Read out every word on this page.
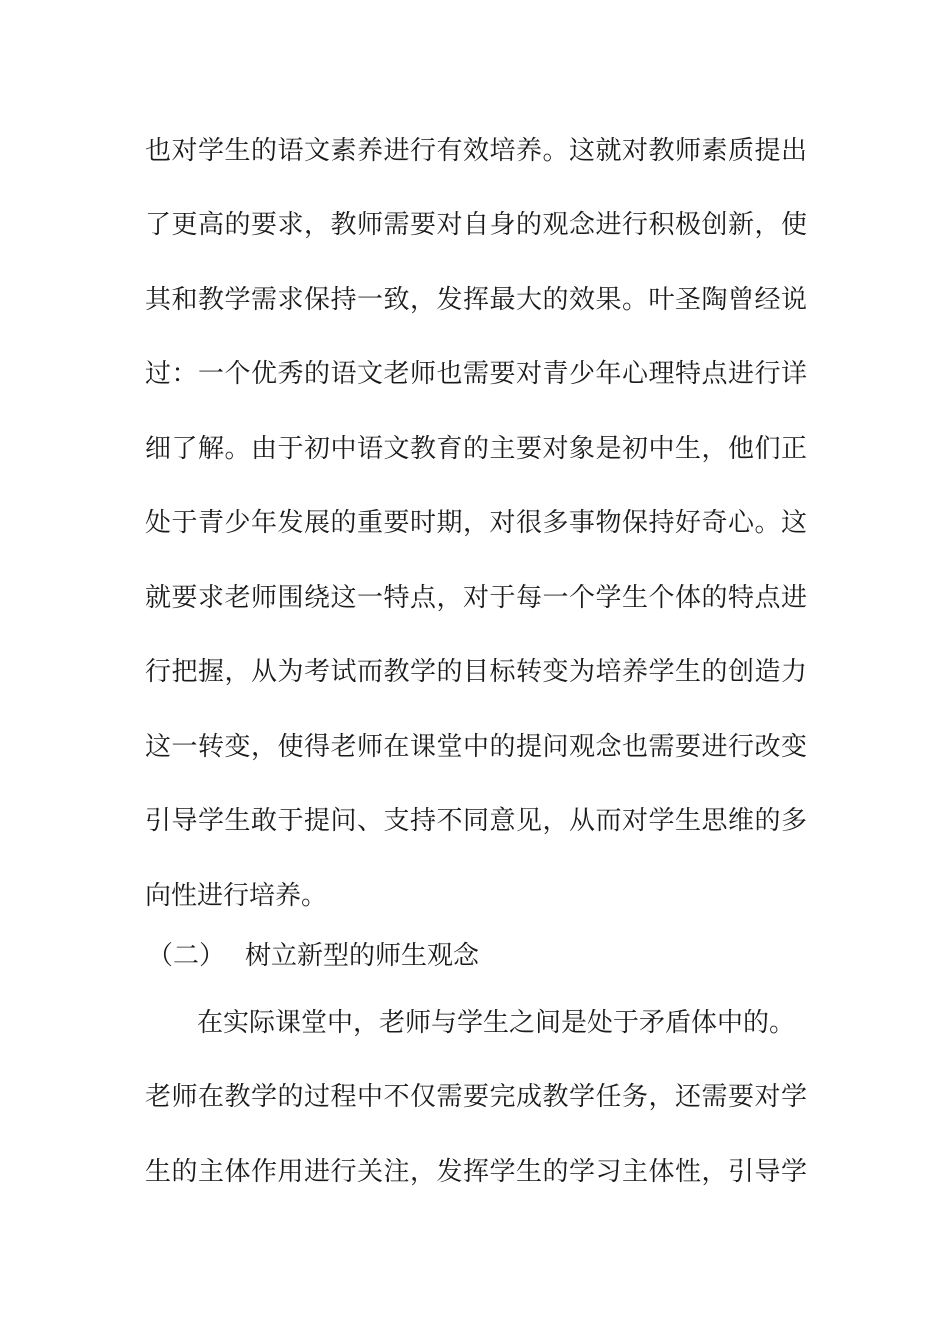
也对学生的语文素养进行有效培养。这就对教师素质提出
了更高的要求，教师需要对自身的观念进行积极创新，使
其和教学需求保持一致，发挥最大的效果。叶圣陶曾经说
过：一个优秀的语文老师也需要对青少年心理特点进行详
细了解。由于初中语文教育的主要对象是初中生，他们正
处于青少年发展的重要时期，对很多事物保持好奇心。这
就要求老师围绕这一特点，对于每一个学生个体的特点进
行把握，从为考试而教学的目标转变为培养学生的创造力
这一转变，使得老师在课堂中的提问观念也需要进行改变
引导学生敢于提问、支持不同意见，从而对学生思维的多
向性进行培养。
（二） 树立新型的师生观念
在实际课堂中，老师与学生之间是处于矛盾体中的。
老师在教学的过程中不仅需要完成教学任务，还需要对学
生的主体作用进行关注，发挥学生的学习主体性，引导学
